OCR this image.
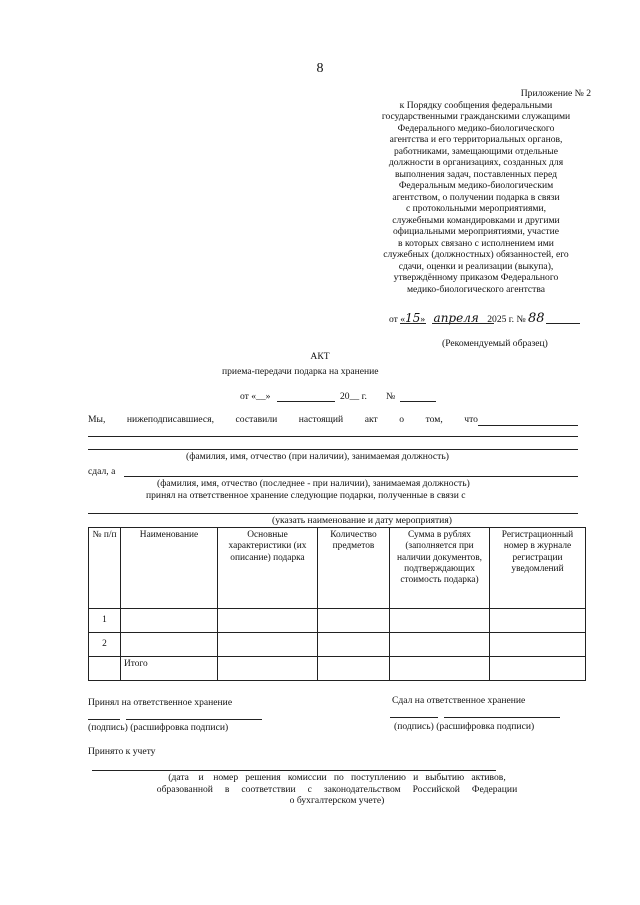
8
Приложение № 2
к Порядку сообщения федеральными
государственными гражданскими служащими
Федерального медико-биологического
агентства и его территориальных органов,
работниками, замещающими отдельные
должности в организациях, созданных для
выполнения задач, поставленных перед
Федеральным медико-биологическим
агентством, о получении подарка в связи
с протокольными мероприятиями,
служебными командировками и другими
официальными мероприятиями, участие
в которых связано с исполнением ими
служебных (должностных) обязанностей, его
сдачи, оценки и реализации (выкупа),
утверждённому приказом Федерального
медико-биологического агентства
от «15» апреля 2025 г. № 88
(Рекомендуемый образец)
АКТ
приема-передачи подарка на хранение
от «__»	20__ г. №
Мы, нижеподписавшиеся, составили настоящий акт о том, что
(фамилия, имя, отчество (при наличии), занимаемая должность)
сдал, а
(фамилия, имя, отчество (последнее - при наличии), занимаемая должность)
принял на ответственное хранение следующие подарки, полученные в связи с
(указать наименование и дату мероприятия)
№ п/п	Наименование	Основные характеристики (их описание) подарка	Количество предметов	Сумма в рублях (заполняется при наличии документов, подтверждающих стоимость подарка)	Регистрационный номер в журнале регистрации уведомлений
1					
2					
	Итого				
Принял на ответственное хранение
(подпись) (расшифровка подписи)
Сдал на ответственное хранение
(подпись) (расшифровка подписи)
Принято к учету
(дата    и    номер   решения   комиссии   по   поступлению   и   выбытию   активов,
образованной     в     соответствии     с     законодательством     Российской     Федерации
о бухгалтерском учете)
